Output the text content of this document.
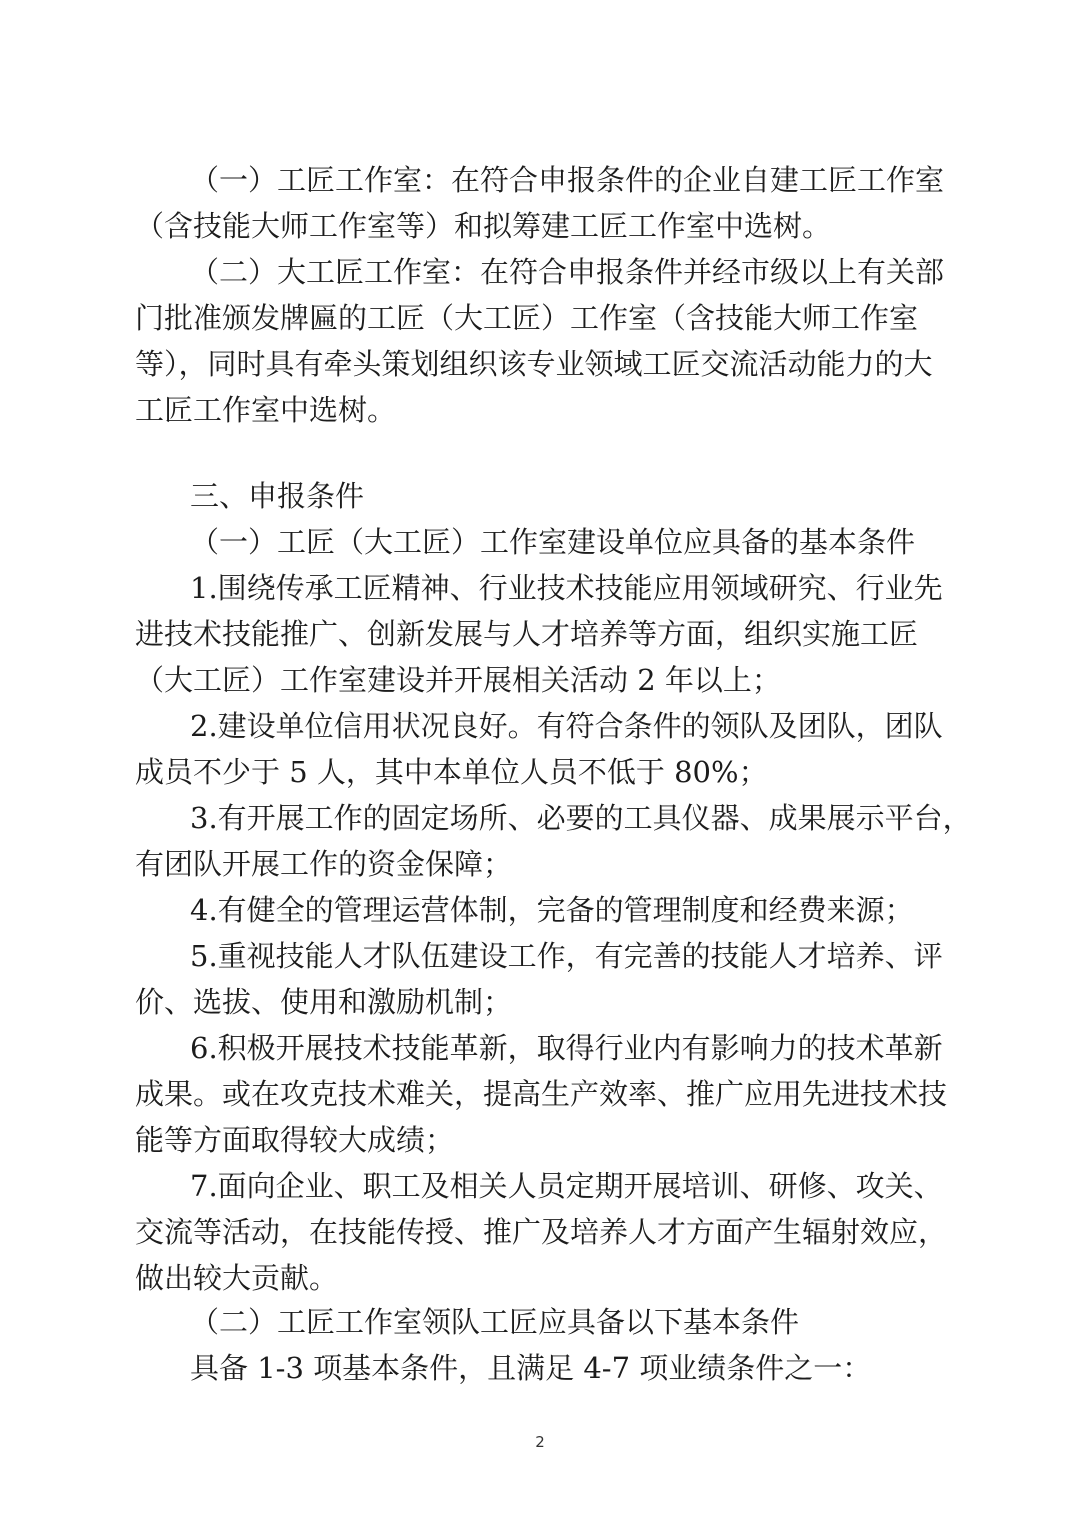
（一）工匠工作室：在符合申报条件的企业自建工匠工作室

（含技能大师工作室等）和拟筹建工匠工作室中选树。

（二）大工匠工作室：在符合申报条件并经市级以上有关部

门批准颁发牌匾的工匠（大工匠）工作室（含技能大师工作室

等），同时具有牵头策划组织该专业领域工匠交流活动能力的大

工匠工作室中选树。

三、申报条件

（一）工匠（大工匠）工作室建设单位应具备的基本条件

1.围绕传承工匠精神、行业技术技能应用领域研究、行业先

进技术技能推广、创新发展与人才培养等方面，组织实施工匠

（大工匠）工作室建设并开展相关活动 2 年以上；

2.建设单位信用状况良好。有符合条件的领队及团队，团队

成员不少于 5 人，其中本单位人员不低于 80%；

3.有开展工作的固定场所、必要的工具仪器、成果展示平台，

有团队开展工作的资金保障；

4.有健全的管理运营体制，完备的管理制度和经费来源；

5.重视技能人才队伍建设工作，有完善的技能人才培养、评

价、选拔、使用和激励机制；

6.积极开展技术技能革新，取得行业内有影响力的技术革新

成果。或在攻克技术难关，提高生产效率、推广应用先进技术技

能等方面取得较大成绩；

7.面向企业、职工及相关人员定期开展培训、研修、攻关、

交流等活动，在技能传授、推广及培养人才方面产生辐射效应，

做出较大贡献。

（二）工匠工作室领队工匠应具备以下基本条件

具备 1-3 项基本条件，且满足 4-7 项业绩条件之一：

2
